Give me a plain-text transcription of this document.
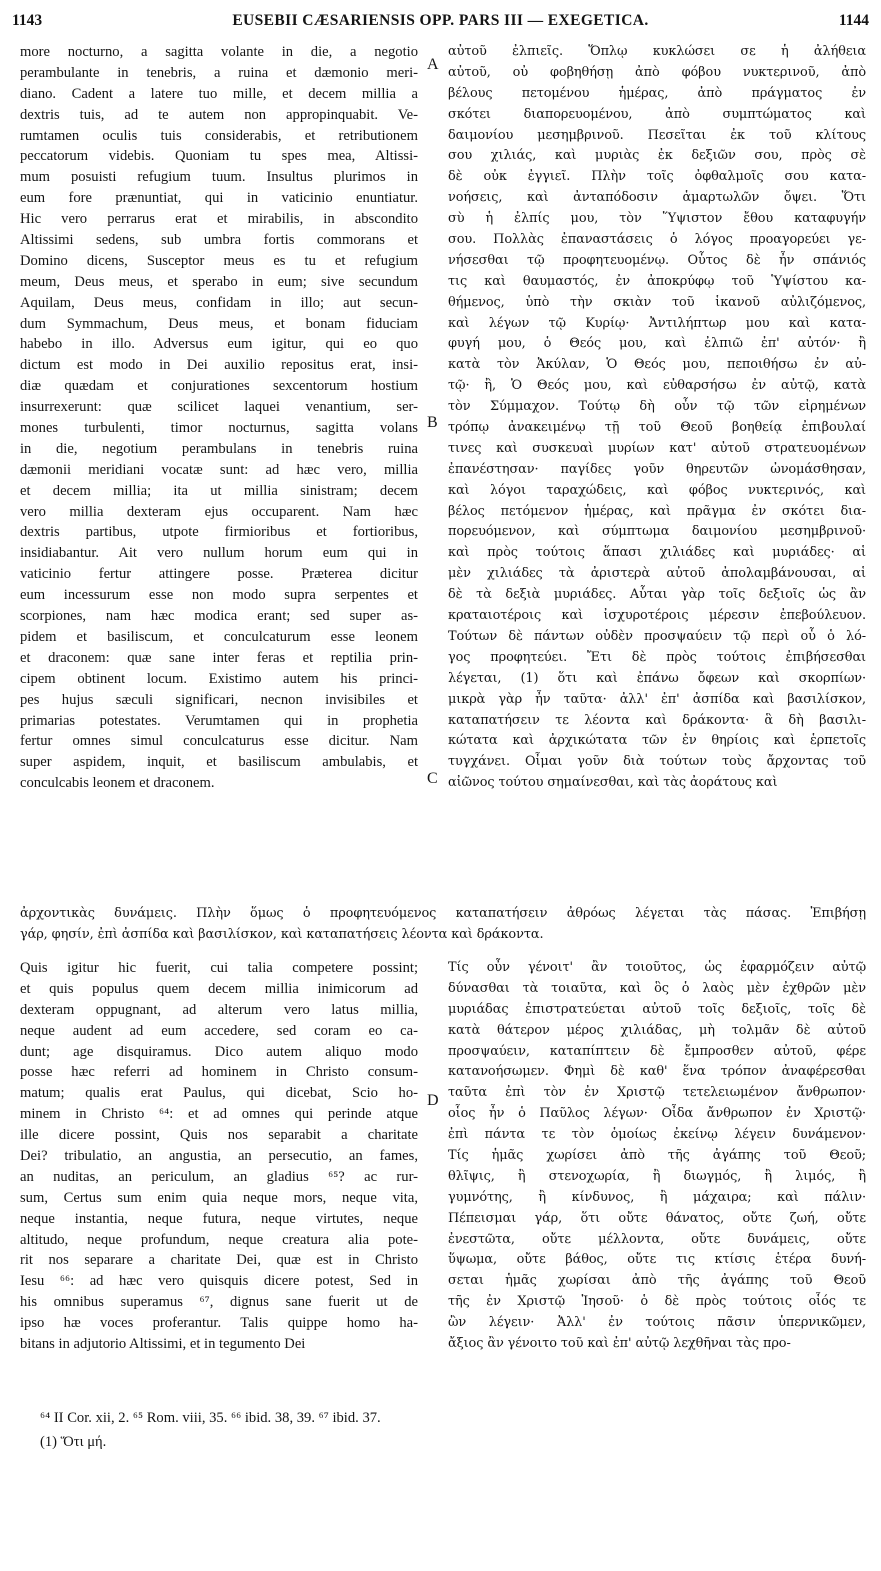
1143	EUSEBII CÆSARIENSIS OPP. PARS III — EXEGETICA.	1144
more nocturno, a sagitta volante in die, a negotio
perambulante in tenebris, a ruina et dæmonio meri-
diano. Cadent a latere tuo mille, et decem millia a
dextris tuis, ad te autem non appropinquabit. Ve-
rumtamen oculis tuis considerabis, et retributionem
peccatorum videbis. Quoniam tu spes mea, Altissi-
mum posuisti refugium tuum. Insultus plurimos in
eum fore prænuntiat, qui in vaticinio enuntiatur.
Hic vero perrarus erat et mirabilis, in abscondito
Altissimi sedens, sub umbra fortis commorans et
Domino dicens, Susceptor meus es tu et refugium
meum, Deus meus, et sperabo in eum; sive secundum
Aquilam, Deus meus, confidam in illo; aut secun-
dum Symmachum, Deus meus, et bonam fiduciam
habebo in illo. Adversus eum igitur, qui eo quo
dictum est modo in Dei auxilio repositus erat, insi-
diæ quædam et conjurationes sexcentorum hostium
insurrexerunt: quæ scilicet laquei venantium, ser-
mones turbulenti, timor nocturnus, sagitta volans
in die, negotium perambulans in tenebris ruina
dæmonii meridiani vocatæ sunt: ad hæc vero, millia
et decem millia; ita ut millia sinistram; decem
vero millia dexteram ejus occuparent. Nam hæc
dextris partibus, utpote firmioribus et fortioribus,
insidiabantur. Ait vero nullum horum eum qui in
vaticinio fertur attingere posse. Præterea dicitur
eum incessurum esse non modo supra serpentes et
scorpiones, nam hæc modica erant; sed super as-
pidem et basiliscum, et conculcaturum esse leonem
et draconem: quæ sane inter feras et reptilia prin-
cipem obtinent locum. Existimo autem his princi-
pes hujus sæculi significari, necnon invisibiles et
primarias potestates. Verumtamen qui in prophetia
fertur omnes simul conculcaturus esse dicitur. Nam
super aspidem, inquit, et basiliscum ambulabis, et
conculcabis leonem et draconem.
αὐτοῦ ἐλπιεῖς. Ὅπλῳ κυκλώσει σε ἡ ἀλήθεια
αὐτοῦ, οὐ φοβηθήσῃ ἀπὸ φόβου νυκτερινοῦ, ἀπὸ
βέλους πετομένου ἡμέρας, ἀπὸ πράγματος ἐν
σκότει διαπορευομένου, ἀπὸ συμπτώματος καὶ
δαιμονίου μεσημβρινοῦ. Πεσεῖται ἐκ τοῦ κλίτους
σου χιλιάς, καὶ μυριὰς ἐκ δεξιῶν σου, πρὸς σὲ
δὲ οὐκ ἐγγιεῖ. Πλὴν τοῖς ὀφθαλμοῖς σου κατα-
νοήσεις, καὶ ἀνταπόδοσιν ἁμαρτωλῶν ὄψει. Ὅτι
σὺ ἡ ἐλπίς μου, τὸν Ὕψιστον ἔθου καταφυγήν
σου. Πολλὰς ἐπαναστάσεις ὁ λόγος προαγορεύει γε-
νήσεσθαι τῷ προφητευομένῳ. Οὗτος δὲ ἦν σπάνιός
τις καὶ θαυμαστός, ἐν ἀποκρύφῳ τοῦ Ὑψίστου κα-
θήμενος, ὑπὸ τὴν σκιὰν τοῦ ἱκανοῦ αὐλιζόμενος,
καὶ λέγων τῷ Κυρίῳ· Ἀντιλήπτωρ μου καὶ κατα-
φυγή μου, ὁ Θεός μου, καὶ ἐλπιῶ ἐπ' αὐτόν· ἢ
κατὰ τὸν Ἀκύλαν, Ὁ Θεός μου, πεποιθήσω ἐν αὐ-
τῷ· ἢ, Ὁ Θεός μου, καὶ εὐθαρσήσω ἐν αὐτῷ, κατὰ
τὸν Σύμμαχον. Τούτῳ δὴ οὖν τῷ τῶν εἰρημένων
τρόπῳ ἀνακειμένῳ τῇ τοῦ Θεοῦ βοηθείᾳ ἐπιβουλαί
τινες καὶ συσκευαὶ μυρίων κατ' αὐτοῦ στρατευομένων
ἐπανέστησαν· παγίδες γοῦν θηρευτῶν ὠνομάσθησαν,
καὶ λόγοι ταραχώδεις, καὶ φόβος νυκτερινός, καὶ
βέλος πετόμενον ἡμέρας, καὶ πρᾶγμα ἐν σκότει δια-
πορευόμενον, καὶ σύμπτωμα δαιμονίου μεσημβρινοῦ·
καὶ πρὸς τούτοις ἅπασι χιλιάδες καὶ μυριάδες· αἱ
μὲν χιλιάδες τὰ ἀριστερὰ αὐτοῦ ἀπολαμβάνουσαι, αἱ
δὲ τὰ δεξιὰ μυριάδες. Αὗται γὰρ τοῖς δεξιοῖς ὡς ἂν
κραταιοτέροις καὶ ἰσχυροτέροις μέρεσιν ἐπεβούλευον.
Τούτων δὲ πάντων οὐδὲν προσψαύειν τῷ περὶ οὗ ὁ λό-
γος προφητεύει. Ἔτι δὲ πρὸς τούτοις ἐπιβήσεσθαι
λέγεται, (1) ὅτι καὶ ἐπάνω ὄφεων καὶ σκορπίων·
μικρὰ γὰρ ἦν ταῦτα· ἀλλ' ἐπ' ἀσπίδα καὶ βασιλίσκον,
καταπατήσειν τε λέοντα καὶ δράκοντα· ἃ δὴ βασιλι-
κώτατα καὶ ἀρχικώτατα τῶν ἐν θηρίοις καὶ ἑρπετοῖς
τυγχάνει. Οἶμαι γοῦν διὰ τούτων τοὺς ἄρχοντας τοῦ
αἰῶνος τούτου σημαίνεσθαι, καὶ τὰς ἀοράτους καὶ
ἀρχοντικὰς δυνάμεις. Πλὴν ὅμως ὁ προφητευόμενος καταπατήσειν ἀθρόως λέγεται τὰς πάσας. Ἐπιβήσῃ
γάρ, φησίν, ἐπὶ ἀσπίδα καὶ βασιλίσκον, καὶ καταπατήσεις λέοντα καὶ δράκοντα.
Quis igitur hic fuerit, cui talia competere possint;
et quis populus quem decem millia inimicorum ad
dexteram oppugnant, ad alterum vero latus millia,
neque audent ad eum accedere, sed coram eo ca-
dunt; age disquiramus. Dico autem aliquo modo
posse hæc referri ad hominem in Christo consum-
matum; qualis erat Paulus, qui dicebat, Scio ho-
minem in Christo ⁶⁴: et ad omnes qui perinde atque
ille dicere possint, Quis nos separabit a charitate
Dei? tribulatio, an angustia, an persecutio, an fames,
an nuditas, an periculum, an gladius ⁶⁵? ac rur-
sum, Certus sum enim quia neque mors, neque vita,
neque instantia, neque futura, neque virtutes, neque
altitudo, neque profundum, neque creatura alia pote-
rit nos separare a charitate Dei, quæ est in Christo
Iesu ⁶⁶: ad hæc vero quisquis dicere potest, Sed in
his omnibus superamus ⁶⁷, dignus sane fuerit ut de
ipso hæ voces proferantur. Talis quippe homo ha-
bitans in adjutorio Altissimi, et in tegumento Dei
Τίς οὖν γένοιτ' ἂν τοιοῦτος, ὡς ἐφαρμόζειν αὐτῷ
δύνασθαι τὰ τοιαῦτα, καὶ ὃς ὁ λαὸς μὲν ἐχθρῶν μὲν
μυριάδας ἐπιστρατεύεται αὐτοῦ τοῖς δεξιοῖς, τοῖς δὲ
κατὰ θάτερον μέρος χιλιάδας, μὴ τολμᾶν δὲ αὐτοῦ
προσψαύειν, καταπίπτειν δὲ ἔμπροσθεν αὐτοῦ, φέρε
κατανοήσωμεν. Φημὶ δὲ καθ' ἕνα τρόπον ἀναφέρεσθαι
ταῦτα ἐπὶ τὸν ἐν Χριστῷ τετελειωμένον ἄνθρωπον·
οἷος ἦν ὁ Παῦλος λέγων· Οἶδα ἄνθρωπον ἐν Χριστῷ·
ἐπὶ πάντα τε τὸν ὁμοίως ἐκείνῳ λέγειν δυνάμενον·
Τίς ἡμᾶς χωρίσει ἀπὸ τῆς ἀγάπης τοῦ Θεοῦ;
θλῖψις, ἢ στενοχωρία, ἢ διωγμός, ἢ λιμός, ἢ
γυμνότης, ἢ κίνδυνος, ἢ μάχαιρα; καὶ πάλιν·
Πέπεισμαι γάρ, ὅτι οὔτε θάνατος, οὔτε ζωή, οὔτε
ἐνεστῶτα, οὔτε μέλλοντα, οὔτε δυνάμεις, οὔτε
ὕψωμα, οὔτε βάθος, οὔτε τις κτίσις ἑτέρα δυνή-
σεται ἡμᾶς χωρίσαι ἀπὸ τῆς ἀγάπης τοῦ Θεοῦ
τῆς ἐν Χριστῷ Ἰησοῦ· ὁ δὲ πρὸς τούτοις οἷός τε
ὢν λέγειν· Ἀλλ' ἐν τούτοις πᾶσιν ὑπερνικῶμεν,
ἄξιος ἂν γένοιτο τοῦ καὶ ἐπ' αὐτῷ λεχθῆναι τὰς προ-
A
B
C
D
⁶⁴ II Cor. xii, 2. ⁶⁵ Rom. viii, 35. ⁶⁶ ibid. 38, 39. ⁶⁷ ibid. 37.
(1) Ὅτι μή.
